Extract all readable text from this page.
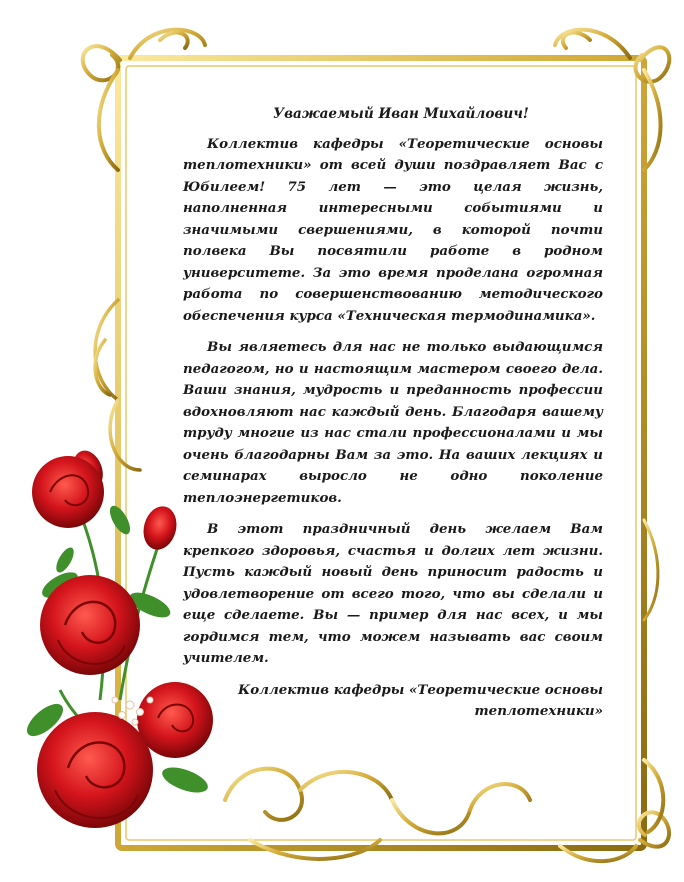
Уважаемый Иван Михайлович!

Коллектив кафедры «Теоретические основы теплотехники» от всей души поздравляет Вас с Юбилеем! 75 лет — это целая жизнь, наполненная интересными событиями и значимыми свершениями, в которой почти полвека Вы посвятили работе в родном университете. За это время проделана огромная работа по совершенствованию методического обеспечения курса «Техническая термодинамика».

Вы являетесь для нас не только выдающимся педагогом, но и настоящим мастером своего дела. Ваши знания, мудрость и преданность профессии вдохновляют нас каждый день. Благодаря вашему труду многие из нас стали профессионалами и мы очень благодарны Вам за это. На ваших лекциях и семинарах выросло не одно поколение теплоэнергетиков.

В этот праздничный день желаем Вам крепкого здоровья, счастья и долгих лет жизни. Пусть каждый новый день приносит радость и удовлетворение от всего того, что вы сделали и еще сделаете. Вы — пример для нас всех, и мы гордимся тем, что можем называть вас своим учителем.

Коллектив кафедры «Теоретические основы
теплотехники»
